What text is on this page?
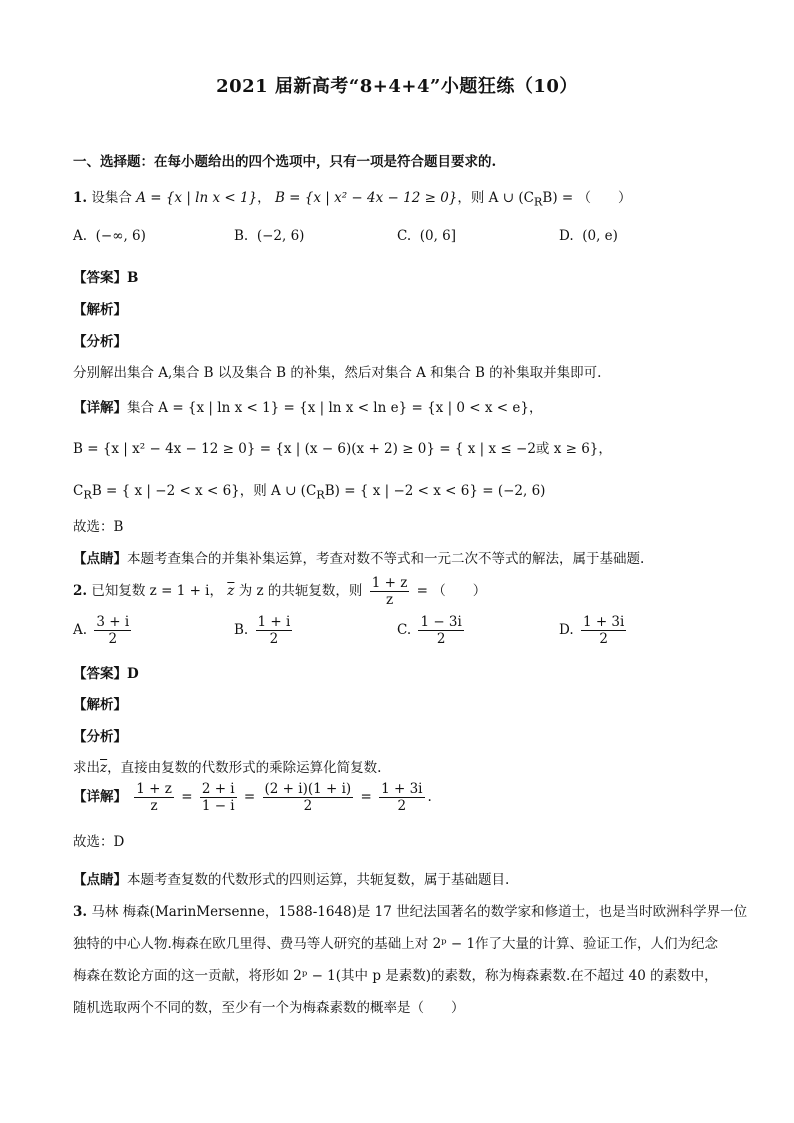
2021 届新高考“8+4+4”小题狂练（10）
一、选择题：在每小题给出的四个选项中，只有一项是符合题目要求的.
1. 设集合 A = {x | ln x < 1}， B = {x | x² − 4x − 12 ≥ 0}，则 A ∪ $(C_RB)$ = （　　）
A. (−∞, 6)	B. (−2, 6)	C. (0, 6]	D. (0, e)
【答案】B
【解析】
【分析】
分别解出集合 A,集合 B 以及集合 B 的补集，然后对集合 A 和集合 B 的补集取并集即可.
【详解】集合 A = {x | ln x < 1} = {x | ln x < ln e} = {x | 0 < x < e}，
B = {x | x² − 4x − 12 ≥ 0} = {x | (x − 6)(x + 2) ≥ 0} = { x | x ≤ −2或 x ≥ 6}，
$C_RB$ = { x | −2 < x < 6}，则 A ∪ $(C_RB)$ = { x | −2 < x < 6} = (−2, 6)
故选：B
【点睛】本题考查集合的并集补集运算，考查对数不等式和一元二次不等式的解法，属于基础题.
2. 已知复数 z = 1 + i， $\overline{z}$ 为 z 的共轭复数，则 $\frac{1 + z}{z}$ = （　　）
A. $\frac{3 + i}{2}$	B. $\frac{1 + i}{2}$	C. $\frac{1 - 3i}{2}$	D. $\frac{1 + 3i}{2}$
【答案】D
【解析】
【分析】
求出$\overline{z}$，直接由复数的代数形式的乘除运算化简复数.
【详解】 $\frac{1 + z}{z} = \frac{2 + i}{1 - i} = \frac{(2 + i)(1 + i)}{2} = \frac{1 + 3i}{2}$ .
故选：D
【点睛】本题考查复数的代数形式的四则运算，共轭复数，属于基础题目.
3. 马林 梅森(MarinMersenne，1588-1648)是 17 世纪法国著名的数学家和修道士，也是当时欧洲科学界一位
独特的中心人物.梅森在欧几里得、费马等人研究的基础上对 2ᵖ − 1作了大量的计算、验证工作，人们为纪念
梅森在数论方面的这一贡献，将形如 2ᵖ − 1(其中 p 是素数)的素数，称为梅森素数.在不超过 40 的素数中，
随机选取两个不同的数，至少有一个为梅森素数的概率是（　　）
